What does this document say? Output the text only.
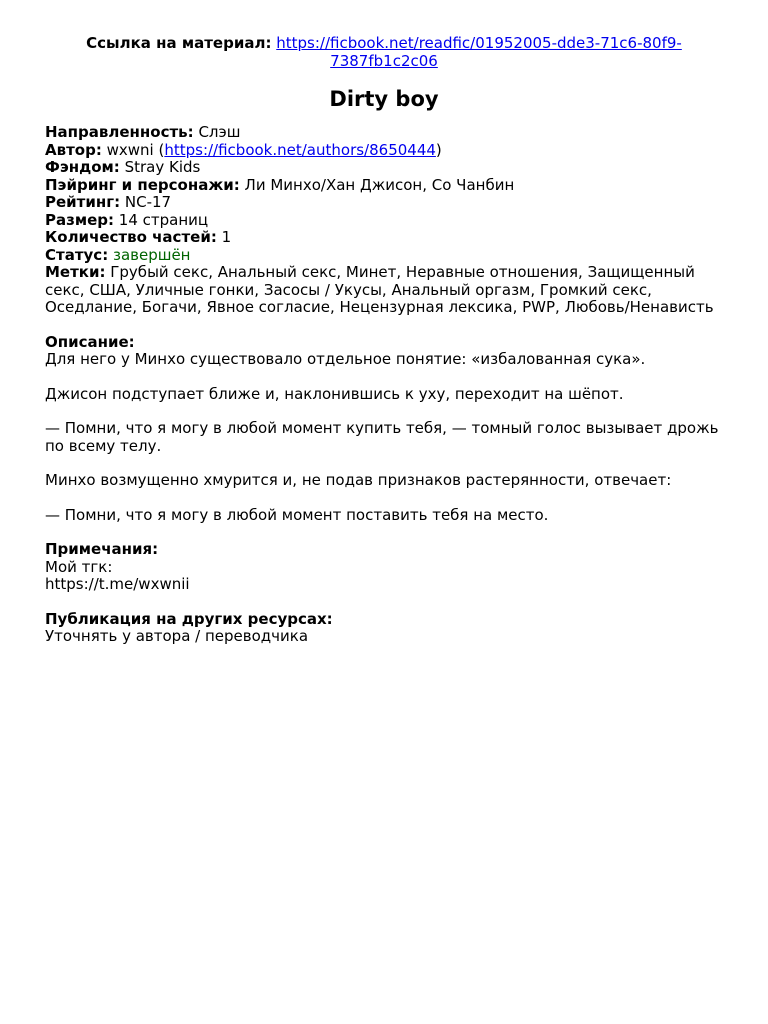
Ссылка на материал: https://ficbook.net/readfic/01952005-dde3-71c6-80f9-7387fb1c2c06
Dirty boy

Направленность: Слэш

Автор: wxwni (https://ficbook.net/authors/8650444)

Фэндом: Stray Kids

Пэйринг и персонажи: Ли Минхо/Хан Джисон, Со Чанбин

Рейтинг: NC-17

Размер: 14 страниц

Количество частей: 1

Статус: завершён

Метки: Грубый секс, Анальный секс, Минет, Неравные отношения, Защищенный секс, США, Уличные гонки, Засосы / Укусы, Анальный оргазм, Громкий секс, Оседлание, Богачи, Явное согласие, Нецензурная лексика, PWP, Любовь/Ненависть

Описание:

Для него у Минхо существовало отдельное понятие: «избалованная сука».

Джисон подступает ближе и, наклонившись к уху, переходит на шёпот.

— Помни, что я могу в любой момент купить тебя, — томный голос вызывает дрожь по всему телу.

Минхо возмущенно хмурится и, не подав признаков растерянности, отвечает:

— Помни, что я могу в любой момент поставить тебя на место.

Примечания:

Мой тгк:

https://t.me/wxwnii

Публикация на других ресурсах:

Уточнять у автора / переводчика
